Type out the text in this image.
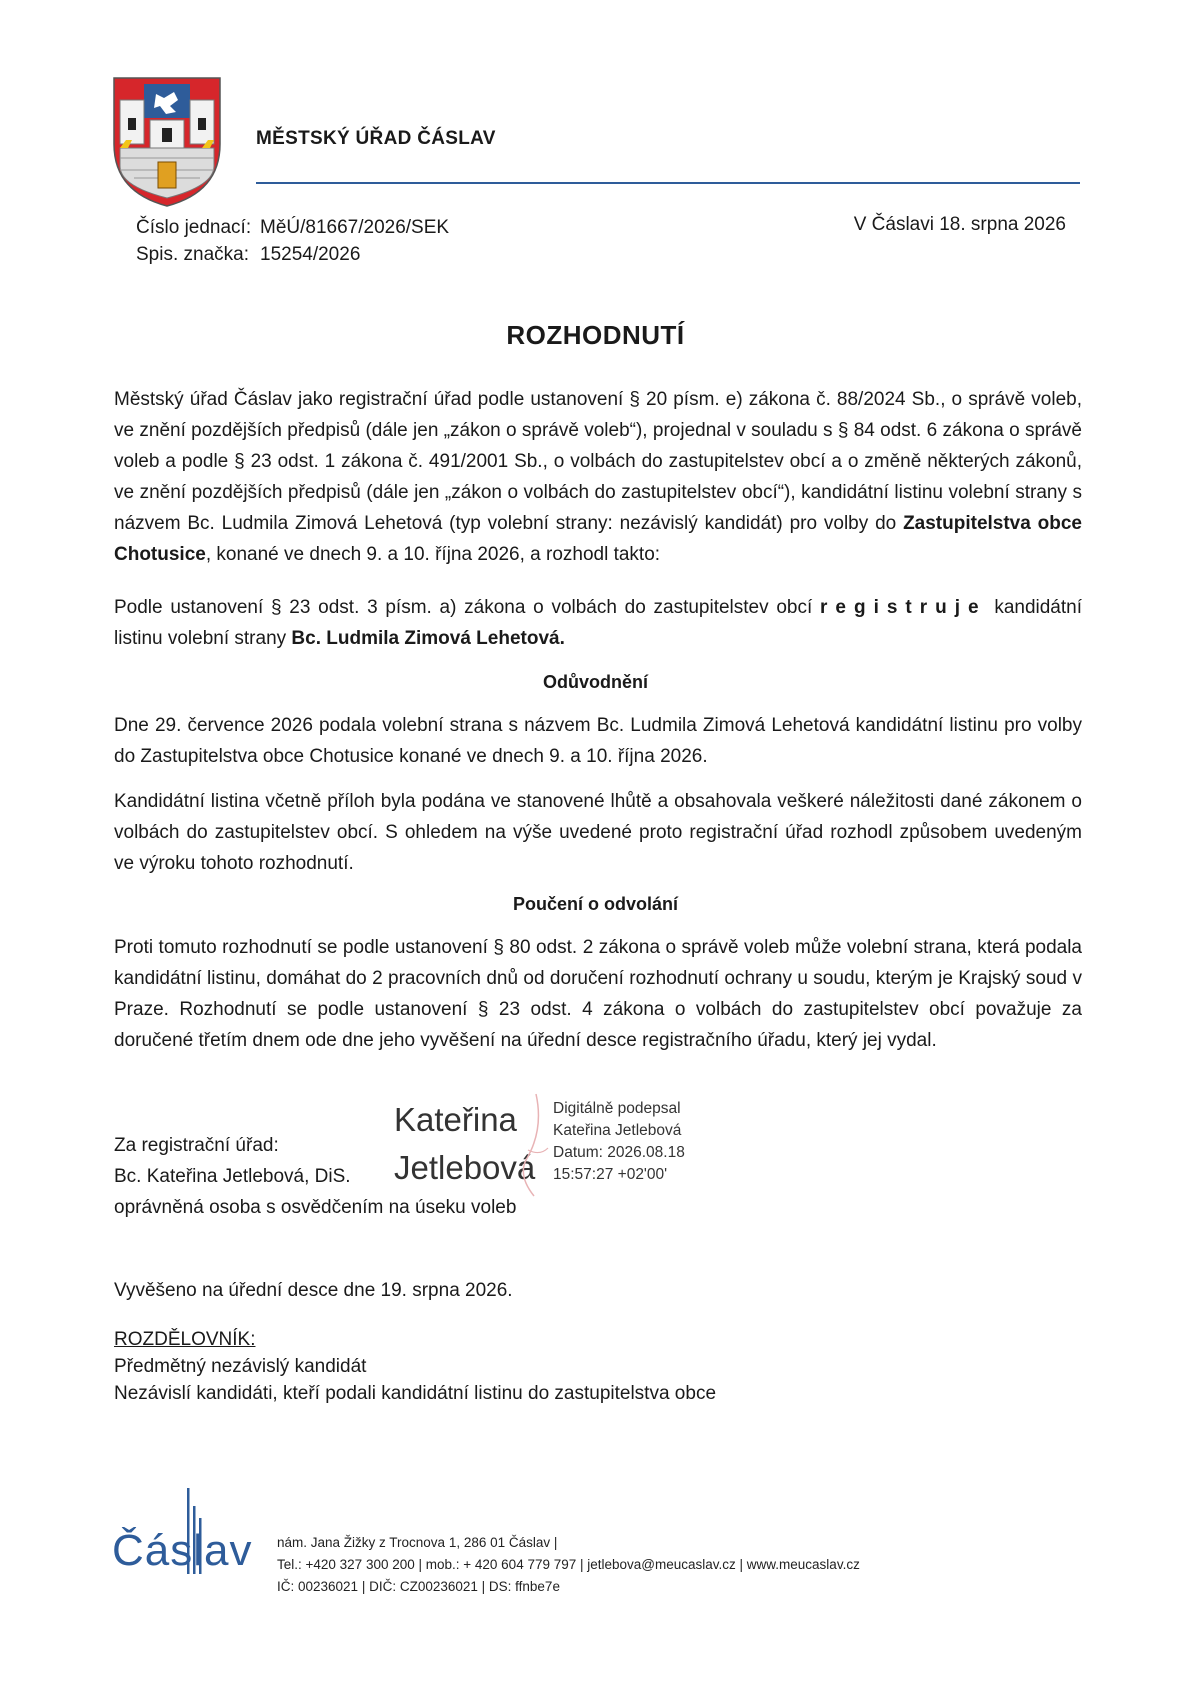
MĚSTSKÝ ÚŘAD ČÁSLAV
Číslo jednací: MěÚ/81667/2026/SEK
Spis. značka: 15254/2026
V Čáslavi 18. srpna 2026
ROZHODNUTÍ
Městský úřad Čáslav jako registrační úřad podle ustanovení § 20 písm. e) zákona č. 88/2024 Sb., o správě voleb, ve znění pozdějších předpisů (dále jen „zákon o správě voleb“), projednal v souladu s § 84 odst. 6 zákona o správě voleb a podle § 23 odst. 1 zákona č. 491/2001 Sb., o volbách do zastupitelstev obcí a o změně některých zákonů, ve znění pozdějších předpisů (dále jen „zákon o volbách do zastupitelstev obcí“), kandidátní listinu volební strany s názvem Bc. Ludmila Zimová Lehetová (typ volební strany: nezávislý kandidát) pro volby do Zastupitelstva obce Chotusice, konané ve dnech 9. a 10. října 2026, a rozhodl takto:
Podle ustanovení § 23 odst. 3 písm. a) zákona o volbách do zastupitelstev obcí registruje kandidátní listinu volební strany Bc. Ludmila Zimová Lehetová.
Odůvodnění
Dne 29. července 2026 podala volební strana s názvem Bc. Ludmila Zimová Lehetová kandidátní listinu pro volby do Zastupitelstva obce Chotusice konané ve dnech 9. a 10. října 2026.
Kandidátní listina včetně příloh byla podána ve stanovené lhůtě a obsahovala veškeré náležitosti dané zákonem o volbách do zastupitelstev obcí. S ohledem na výše uvedené proto registrační úřad rozhodl způsobem uvedeným ve výroku tohoto rozhodnutí.
Poučení o odvolání
Proti tomuto rozhodnutí se podle ustanovení § 80 odst. 2 zákona o správě voleb může volební strana, která podala kandidátní listinu, domáhat do 2 pracovních dnů od doručení rozhodnutí ochrany u soudu, kterým je Krajský soud v Praze. Rozhodnutí se podle ustanovení § 23 odst. 4 zákona o volbách do zastupitelstev obcí považuje za doručené třetím dnem ode dne jeho vyvěšení na úřední desce registračního úřadu, který jej vydal.
Za registrační úřad:
Bc. Kateřina Jetlebová, DiS.
oprávněná osoba s osvědčením na úseku voleb
Kateřina
Jetlebová
Digitálně podepsal
Kateřina Jetlebová
Datum: 2026.08.18
15:57:27 +02'00'
Vyvěšeno na úřední desce dne 19. srpna 2026.
ROZDĚLOVNÍK:
Předmětný nezávislý kandidát
Nezávislí kandidáti, kteří podali kandidátní listinu do zastupitelstva obce
Čáslav nám. Jana Žižky z Trocnova 1, 286 01 Čáslav |
Tel.: +420 327 300 200 | mob.: + 420 604 779 797 | jetlebova@meucaslav.cz | www.meucaslav.cz
IČ: 00236021 | DIČ: CZ00236021 | DS: ffnbe7e
